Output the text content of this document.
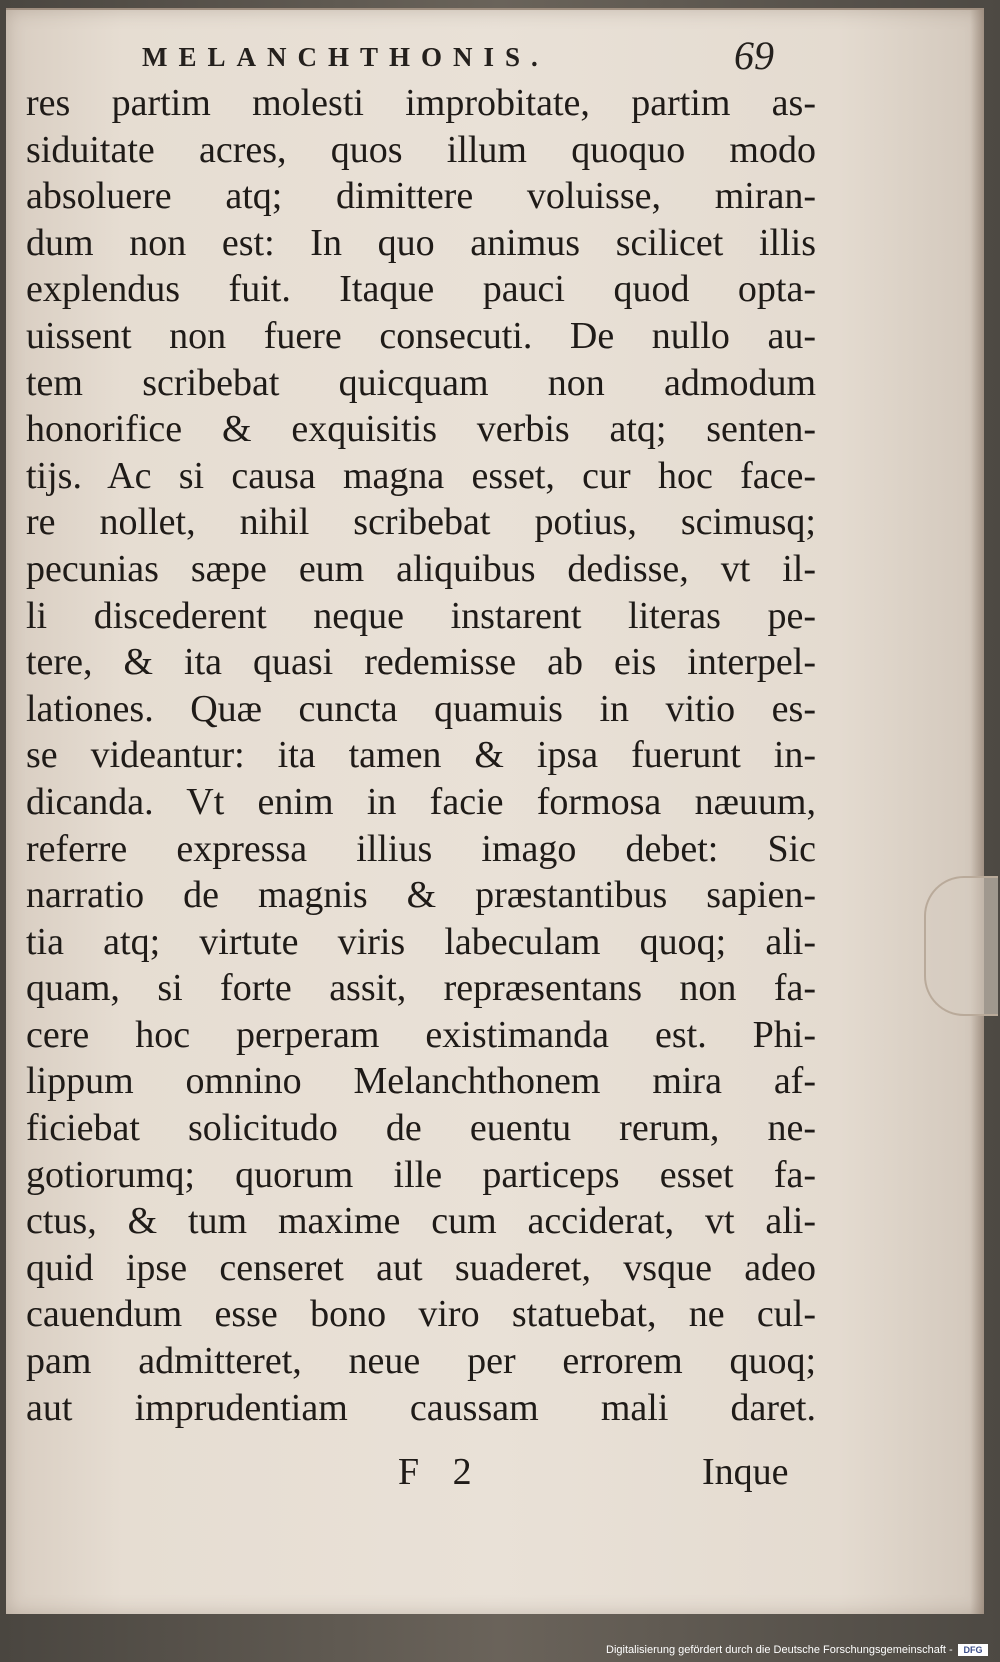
MELANCHTHONIS.	69
res partim molesti improbitate, partim as-
siduitate acres, quos illum quoquo modo
absoluere atq; dimittere voluisse, miran-
dum non est: In quo animus scilicet illis
explendus fuit. Itaque pauci quod opta-
uissent non fuere consecuti. De nullo au-
tem scribebat quicquam non admodum
honorifice & exquisitis verbis atq; senten-
tijs. Ac si causa magna esset, cur hoc face-
re nollet, nihil scribebat potius, scimusq;
pecunias sæpe eum aliquibus dedisse, vt il-
li discederent neque instarent literas pe-
tere, & ita quasi redemisse ab eis interpel-
lationes. Quæ cuncta quamuis in vitio es-
se videantur: ita tamen & ipsa fuerunt in-
dicanda. Vt enim in facie formosa næuum,
referre expressa illius imago debet: Sic
narratio de magnis & præstantibus sapien-
tia atq; virtute viris labeculam quoq; ali-
quam, si forte assit, repræsentans non fa-
cere hoc perperam existimanda est. Phi-
lippum omnino Melanchthonem mira af-
ficiebat solicitudo de euentu rerum, ne-
gotiorumq; quorum ille particeps esset fa-
ctus, & tum maxime cum acciderat, vt ali-
quid ipse censeret aut suaderet, vsque adeo
cauendum esse bono viro statuebat, ne cul-
pam admitteret, neue per errorem quoq;
aut imprudentiam caussam mali daret.
F 2	Inque
Digitalisierung gefördert durch die Deutsche Forschungsgemeinschaft -	DFG
